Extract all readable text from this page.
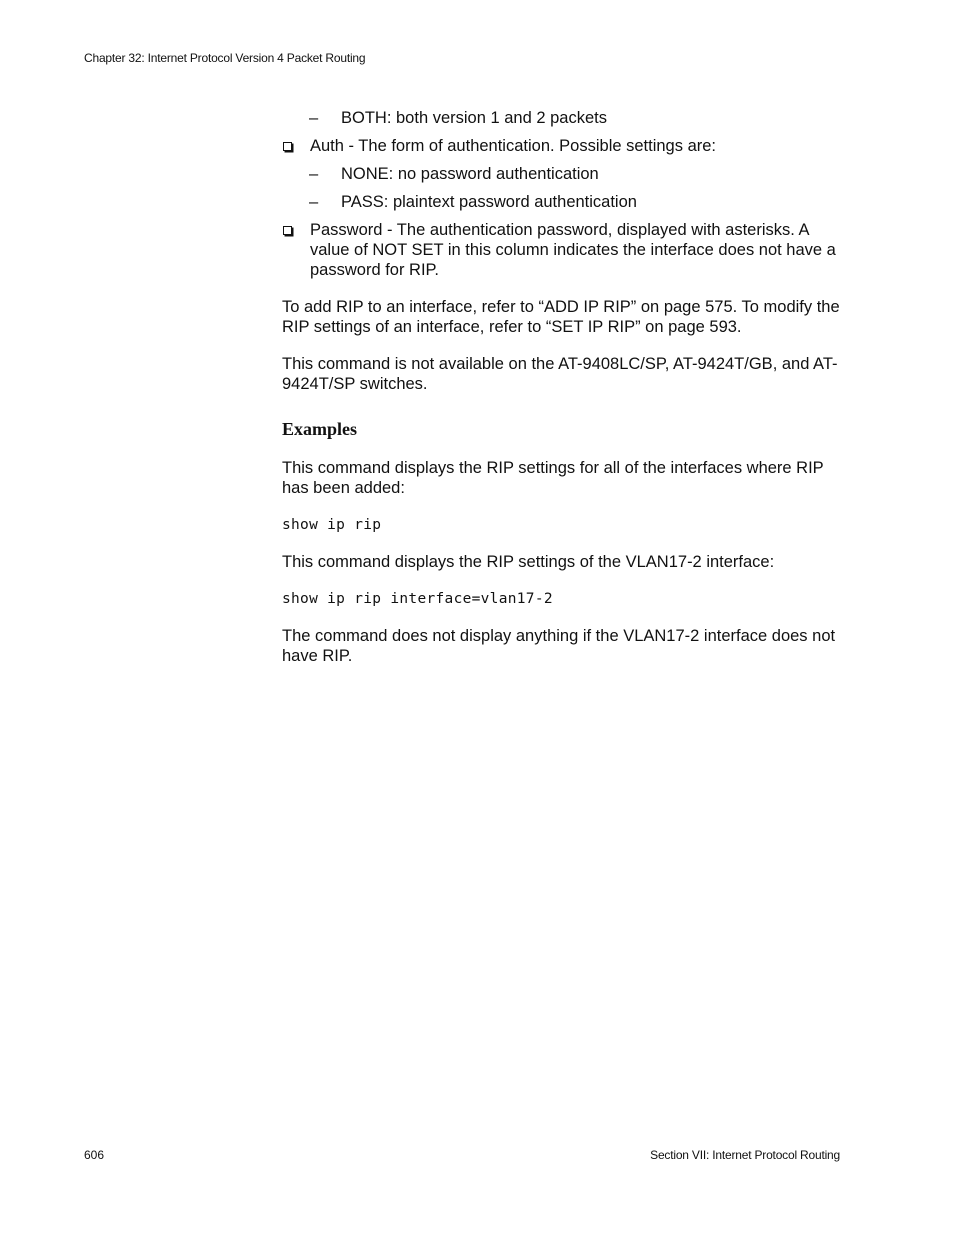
Chapter 32: Internet Protocol Version 4 Packet Routing
– BOTH: both version 1 and 2 packets
Auth - The form of authentication. Possible settings are:
– NONE: no password authentication
– PASS: plaintext password authentication
Password - The authentication password, displayed with asterisks. A value of NOT SET in this column indicates the interface does not have a password for RIP.

To add RIP to an interface, refer to “ADD IP RIP” on page 575. To modify the RIP settings of an interface, refer to “SET IP RIP” on page 593.

This command is not available on the AT-9408LC/SP, AT-9424T/GB, and AT-9424T/SP switches.

Examples

This command displays the RIP settings for all of the interfaces where RIP has been added:

show ip rip

This command displays the RIP settings of the VLAN17-2 interface:

show ip rip interface=vlan17-2

The command does not display anything if the VLAN17-2 interface does not have RIP.

606	Section VII: Internet Protocol Routing
